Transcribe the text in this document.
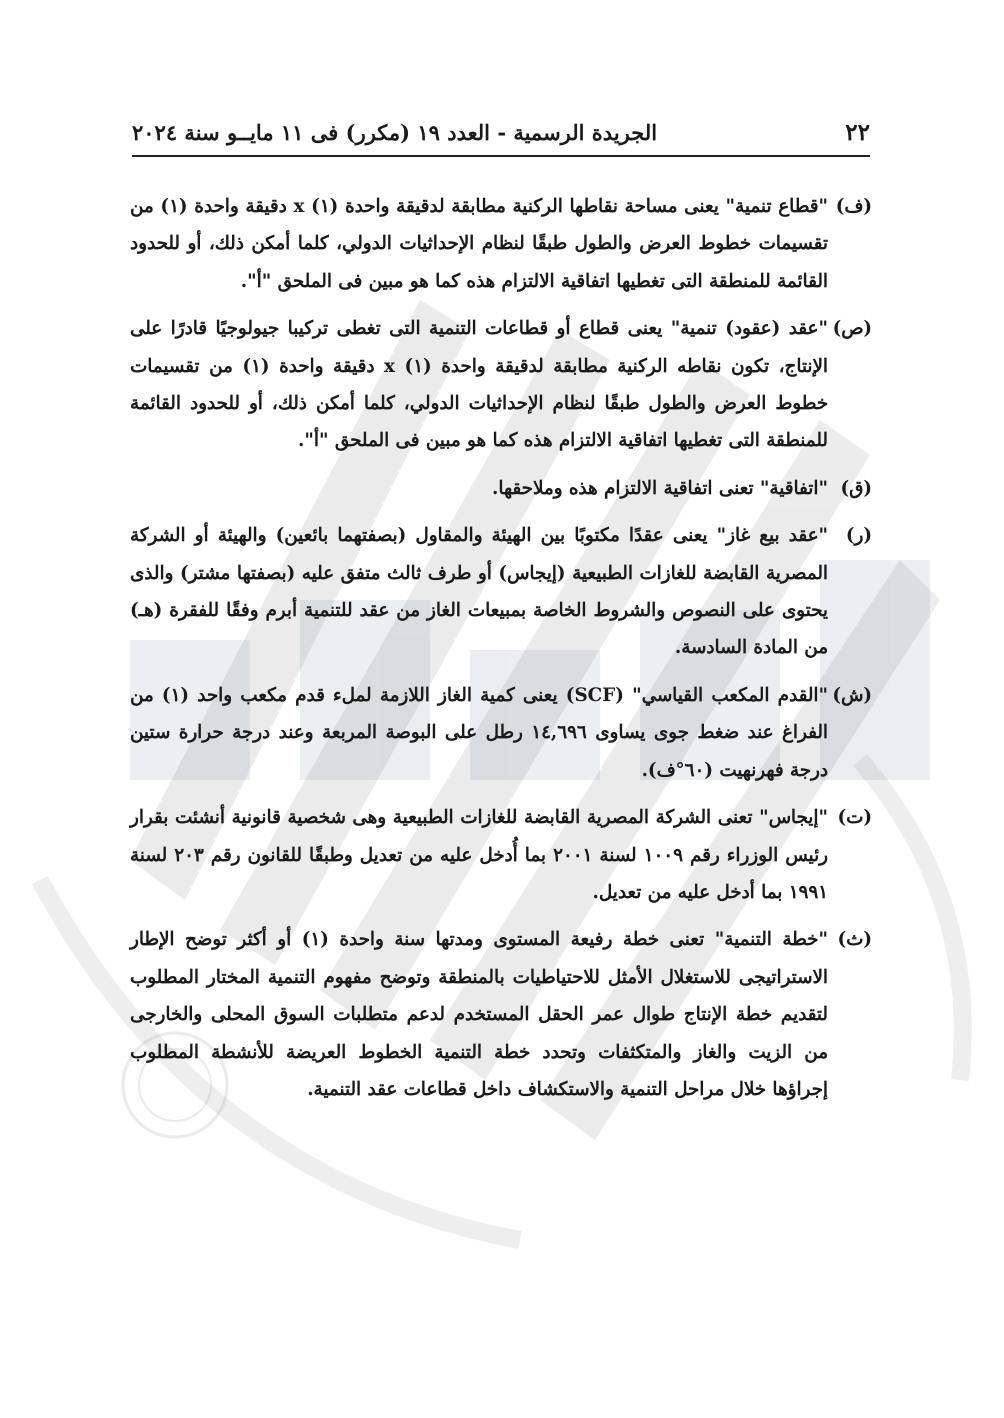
٢٢
الجريدة الرسمية - العدد ١٩ (مكرر) فى ١١ مايــو سنة ٢٠٢٤
(ف)
"قطاع تنمية" يعنى مساحة نقاطها الركنية مطابقة لدقيقة واحدة (١) x دقيقة واحدة (١) من تقسيمات خطوط العرض والطول طبقًا لنظام الإحداثيات الدولي، كلما أمكن ذلك، أو للحدود القائمة للمنطقة التى تغطيها اتفاقية الالتزام هذه كما هو مبين فى الملحق "أ".
(ص)
"عقد (عقود) تنمية" يعنى قطاع أو قطاعات التنمية التى تغطى تركيبا جيولوجيًا قادرًا على الإنتاج، تكون نقاطه الركنية مطابقة لدقيقة واحدة (١) x دقيقة واحدة (١) من تقسيمات خطوط العرض والطول طبقًا لنظام الإحداثيات الدولي، كلما أمكن ذلك، أو للحدود القائمة للمنطقة التى تغطيها اتفاقية الالتزام هذه كما هو مبين فى الملحق "أ".
(ق)
"اتفاقية" تعنى اتفاقية الالتزام هذه وملاحقها.
(ر)
"عقد بيع غاز" يعنى عقدًا مكتوبًا بين الهيئة والمقاول (بصفتهما بائعين) والهيئة أو الشركة المصرية القابضة للغازات الطبيعية (إيجاس) أو طرف ثالث متفق عليه (بصفتها مشتر) والذى يحتوى على النصوص والشروط الخاصة بمبيعات الغاز من عقد للتنمية أبرم وفقًا للفقرة (هـ) من المادة السادسة.
(ش)
"القدم المكعب القياسي" (SCF) يعنى كمية الغاز اللازمة لملء قدم مكعب واحد (١) من الفراغ عند ضغط جوى يساوى ١٤,٦٩٦ رطل على البوصة المربعة وعند درجة حرارة ستين درجة فهرنهيت (٦٠°ف).
(ت)
"إيجاس" تعنى الشركة المصرية القابضة للغازات الطبيعية وهى شخصية قانونية أنشئت بقرار رئيس الوزراء رقم ١٠٠٩ لسنة ٢٠٠١ بما أُدخل عليه من تعديل وطبقًا للقانون رقم ٢٠٣ لسنة ١٩٩١ بما أدخل عليه من تعديل.
(ث)
"خطة التنمية" تعنى خطة رفيعة المستوى ومدتها سنة واحدة (١) أو أكثر توضح الإطار الاستراتيجى للاستغلال الأمثل للاحتياطيات بالمنطقة وتوضح مفهوم التنمية المختار المطلوب لتقديم خطة الإنتاج طوال عمر الحقل المستخدم لدعم متطلبات السوق المحلى والخارجى من الزيت والغاز والمتكثفات وتحدد خطة التنمية الخطوط العريضة للأنشطة المطلوب إجراؤها خلال مراحل التنمية والاستكشاف داخل قطاعات عقد التنمية.
